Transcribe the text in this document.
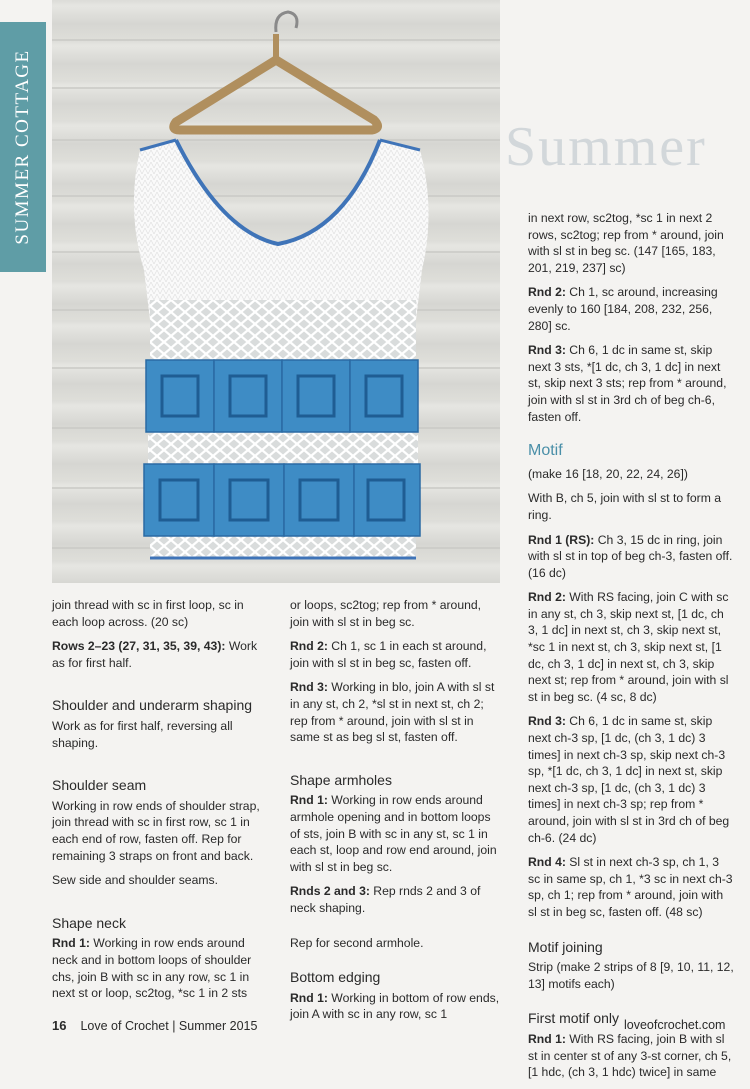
Summer
SUMMER COTTAGE

join thread with sc in first loop, sc in each loop across. (20 sc)

Rows 2–23 (27, 31, 35, 39, 43): Work as for first half.

Shoulder and underarm shaping

Work as for first half, reversing all shaping.

Shoulder seam

Working in row ends of shoulder strap, join thread with sc in first row, sc 1 in each end of row, fasten off. Rep for remaining 3 straps on front and back.

Sew side and shoulder seams.

Shape neck

Rnd 1: Working in row ends around neck and in bottom loops of shoulder chs, join B with sc in any row, sc 1 in next st or loop, sc2tog, *sc 1 in 2 sts

or loops, sc2tog; rep from * around, join with sl st in beg sc.

Rnd 2: Ch 1, sc 1 in each st around, join with sl st in beg sc, fasten off.

Rnd 3: Working in blo, join A with sl st in any st, ch 2, *sl st in next st, ch 2; rep from * around, join with sl st in same st as beg sl st, fasten off.

Shape armholes

Rnd 1: Working in row ends around armhole opening and in bottom loops of sts, join B with sc in any st, sc 1 in each st, loop and row end around, join with sl st in beg sc.

Rnds 2 and 3: Rep rnds 2 and 3 of neck shaping.

Rep for second armhole.

Bottom edging

Rnd 1: Working in bottom of row ends, join A with sc in any row, sc 1

in next row, sc2tog, *sc 1 in next 2 rows, sc2tog; rep from * around, join with sl st in beg sc. (147 [165, 183, 201, 219, 237] sc)

Rnd 2: Ch 1, sc around, increasing evenly to 160 [184, 208, 232, 256, 280] sc.

Rnd 3: Ch 6, 1 dc in same st, skip next 3 sts, *[1 dc, ch 3, 1 dc] in next st, skip next 3 sts; rep from * around, join with sl st in 3rd ch of beg ch-6, fasten off.

Motif

(make 16 [18, 20, 22, 24, 26])

With B, ch 5, join with sl st to form a ring.

Rnd 1 (RS): Ch 3, 15 dc in ring, join with sl st in top of beg ch-3, fasten off. (16 dc)

Rnd 2: With RS facing, join C with sc in any st, ch 3, skip next st, [1 dc, ch 3, 1 dc] in next st, ch 3, skip next st, *sc 1 in next st, ch 3, skip next st, [1 dc, ch 3, 1 dc] in next st, ch 3, skip next st; rep from * around, join with sl st in beg sc. (4 sc, 8 dc)

Rnd 3: Ch 6, 1 dc in same st, skip next ch-3 sp, [1 dc, (ch 3, 1 dc) 3 times] in next ch-3 sp, skip next ch-3 sp, *[1 dc, ch 3, 1 dc] in next st, skip next ch-3 sp, [1 dc, (ch 3, 1 dc) 3 times] in next ch-3 sp; rep from * around, join with sl st in 3rd ch of beg ch-6. (24 dc)

Rnd 4: Sl st in next ch-3 sp, ch 1, 3 sc in same sp, ch 1, *3 sc in next ch-3 sp, ch 1; rep from * around, join with sl st in beg sc, fasten off. (48 sc)

Motif joining

Strip (make 2 strips of 8 [9, 10, 11, 12, 13] motifs each)

First motif only

Rnd 1: With RS facing, join B with sl st in center st of any 3-st corner, ch 5, [1 hdc, (ch 3, 1 hdc) twice] in same

16 Love of Crochet | Summer 2015	loveofcrochet.com
